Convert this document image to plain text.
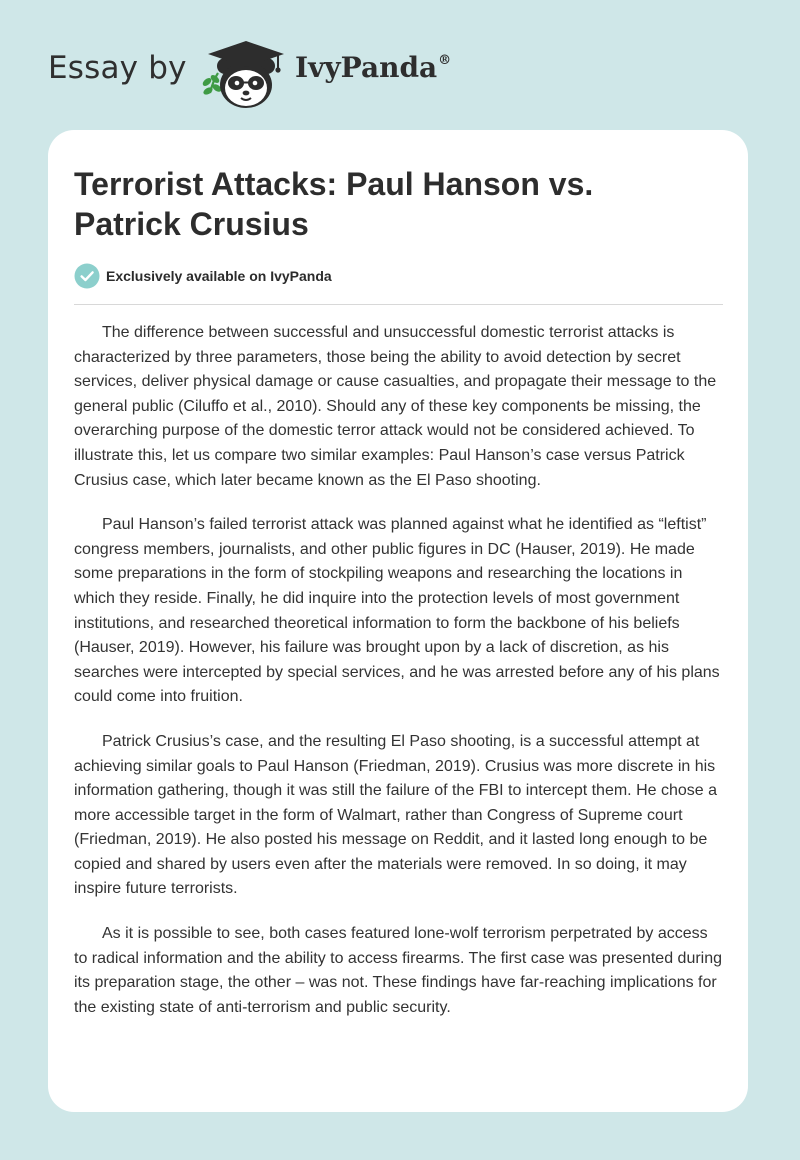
Essay by	IvyPanda®
Terrorist Attacks: Paul Hanson vs. Patrick Crusius
Exclusively available on IvyPanda

The difference between successful and unsuccessful domestic terrorist attacks is characterized by three parameters, those being the ability to avoid detection by secret services, deliver physical damage or cause casualties, and propagate their message to the general public (Ciluffo et al., 2010). Should any of these key components be missing, the overarching purpose of the domestic terror attack would not be considered achieved. To illustrate this, let us compare two similar examples: Paul Hanson’s case versus Patrick Crusius case, which later became known as the El Paso shooting.

Paul Hanson’s failed terrorist attack was planned against what he identified as “leftist” congress members, journalists, and other public figures in DC (Hauser, 2019). He made some preparations in the form of stockpiling weapons and researching the locations in which they reside. Finally, he did inquire into the protection levels of most government institutions, and researched theoretical information to form the backbone of his beliefs (Hauser, 2019). However, his failure was brought upon by a lack of discretion, as his searches were intercepted by special services, and he was arrested before any of his plans could come into fruition.

Patrick Crusius’s case, and the resulting El Paso shooting, is a successful attempt at achieving similar goals to Paul Hanson (Friedman, 2019). Crusius was more discrete in his information gathering, though it was still the failure of the FBI to intercept them. He chose a more accessible target in the form of Walmart, rather than Congress of Supreme court (Friedman, 2019). He also posted his message on Reddit, and it lasted long enough to be copied and shared by users even after the materials were removed. In so doing, it may inspire future terrorists.

As it is possible to see, both cases featured lone-wolf terrorism perpetrated by access to radical information and the ability to access firearms. The first case was presented during its preparation stage, the other – was not. These findings have far-reaching implications for the existing state of anti-terrorism and public security.
